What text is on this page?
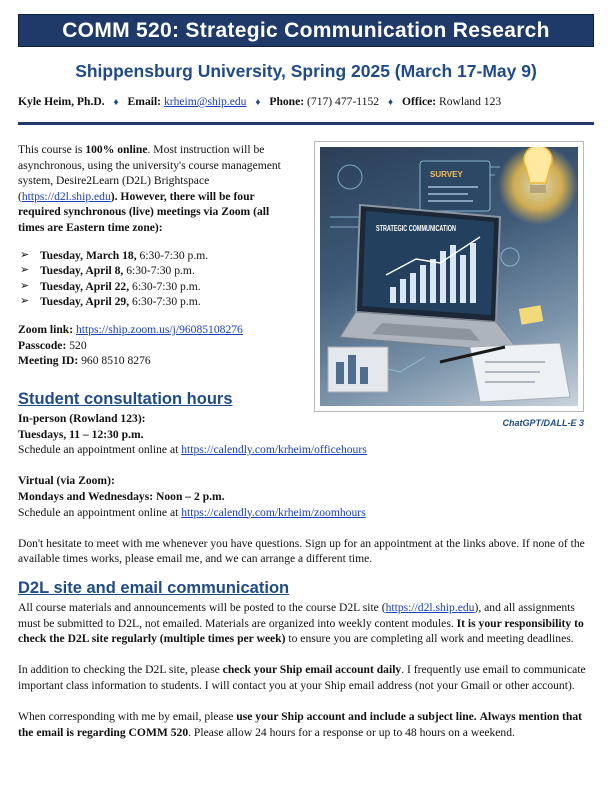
COMM 520: Strategic Communication Research
Shippensburg University, Spring 2025 (March 17-May 9)
Kyle Heim, Ph.D. ♦ Email: krheim@ship.edu ♦ Phone: (717) 477-1152 ♦ Office: Rowland 123

This course is 100% online. Most instruction will be asynchronous, using the university's course management system, Desire2Learn (D2L) Brightspace (https://d2l.ship.edu). However, there will be four required synchronous (live) meetings via Zoom (all times are Eastern time zone):

➢ Tuesday, March 18, 6:30-7:30 p.m.
➢ Tuesday, April 8, 6:30-7:30 p.m.
➢ Tuesday, April 22, 6:30-7:30 p.m.
➢ Tuesday, April 29, 6:30-7:30 p.m.

Zoom link: https://ship.zoom.us/j/96085108276
Passcode: 520
Meeting ID: 960 8510 8276

SURVEY
STRATEGIC COMMUNICATION
ChatGPT/DALL-E 3
Student consultation hours

In-person (Rowland 123):
Tuesdays, 11 – 12:30 p.m.
Schedule an appointment online at https://calendly.com/krheim/officehours

Virtual (via Zoom):
Mondays and Wednesdays: Noon – 2 p.m.
Schedule an appointment online at https://calendly.com/krheim/zoomhours

Don't hesitate to meet with me whenever you have questions. Sign up for an appointment at the links above. If none of the available times works, please email me, and we can arrange a different time.

D2L site and email communication

All course materials and announcements will be posted to the course D2L site (https://d2l.ship.edu), and all assignments must be submitted to D2L, not emailed. Materials are organized into weekly content modules. It is your responsibility to check the D2L site regularly (multiple times per week) to ensure you are completing all work and meeting deadlines.

In addition to checking the D2L site, please check your Ship email account daily. I frequently use email to communicate important class information to students. I will contact you at your Ship email address (not your Gmail or other account).

When corresponding with me by email, please use your Ship account and include a subject line. Always mention that the email is regarding COMM 520. Please allow 24 hours for a response or up to 48 hours on a weekend.
